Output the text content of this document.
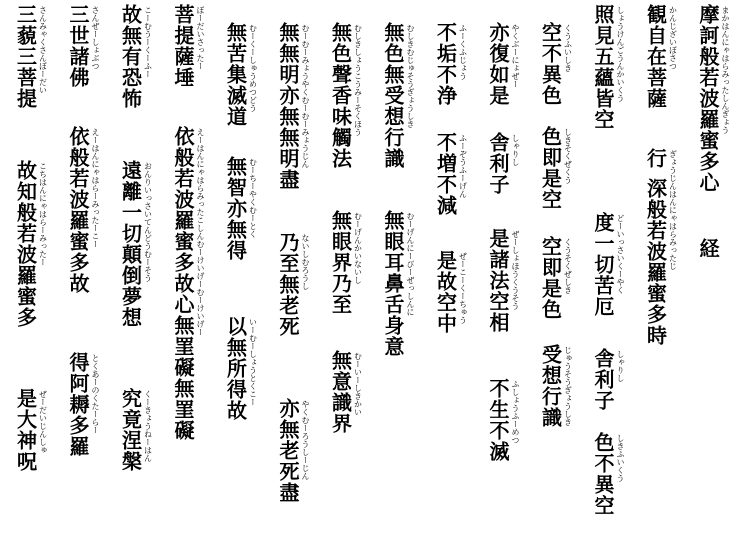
摩訶般若波羅蜜多心 まかはんにゃはらみったしんぎょう
経
観自在菩薩 かんじざいぼさつ
行 ぎょうじんはんにゃはらみったじ
深般若波羅蜜多時
照見五蘊皆空 しょうけんごうんかいくう
度一切苦厄 どーいっさいくーやく
舎利子 しゃりし
色不異空 しきふいくう
空不異色 くうふいしき
色即是空 しきそくぜくう
空即是色 くうそくぜしき
受想行識 じゅうそうぎょうしき
亦復如是 やくぶーにょぜー
舎利子 しゃりし
是諸法空相 ぜーしょほうくうそう
不生不滅 ふしょうふーめつ
不垢不浄 ふーくふじょう
不増不減 ふーぞうふーげん
是故空中 ぜーこーくーちゅう
無色無受想行識 むしきむじゅそうぎょうしき
無眼耳鼻舌身意 むーげんにーびーぜっしんに
無色聲香味觸法 むしきしょうこうみーそくほう
無眼界乃至 むーげんかいないし
無意識界 むーいーしきかい
無無明亦無無明盡 むーむーみょうやくむーむーみょうじん
乃至無老死 ないしむろうし
亦無老死盡 やくむーろうしーじん
無苦集滅道 むーくーしゅうめつどう
無智亦無得 むーちーやくむーとく
以無所得故 いーむーしょうとくこー
菩提薩埵 ぼーだいさったー
依般若波羅蜜多故心無罣礙無罣礙 えーはんにゃはらみったこしんむーけいげーむーけいげー
故無有恐怖 こーむうーくーふー
遠離一切顛倒夢想 おんりいっさいてんどうむーそう
究竟涅槃 くーきょうねーはん
三世諸佛 さんぜーしょぶつ
依般若波羅蜜多故 えーはんにゃはらーみったーこー
得阿耨多羅 とくあーのくたーらー
三藐三菩提 さんみゃくさんぼーだい
故知般若波羅蜜多 こちはんにゃはらーみったー
是大神呪 ぜーだいじんしゅ
